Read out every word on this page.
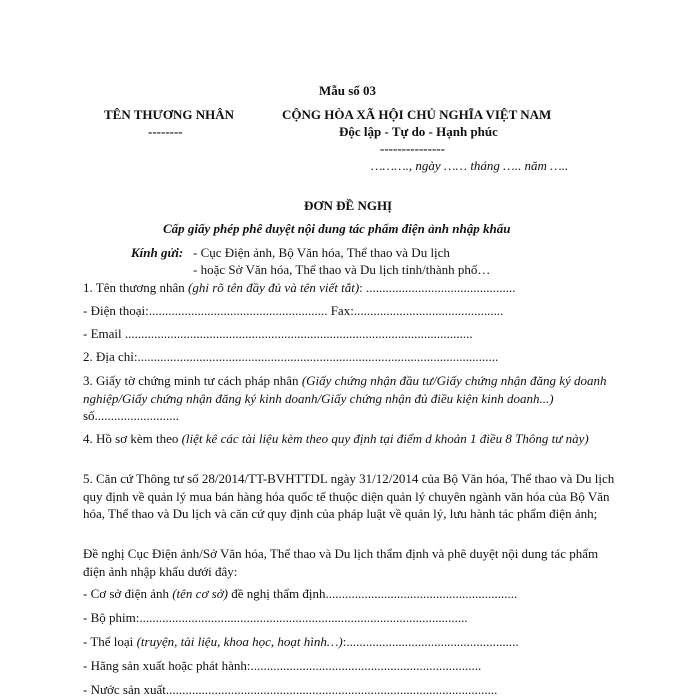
Mẫu số 03
TÊN THƯƠNG NHÂN
--------
CỘNG HÒA XÃ HỘI CHỦ NGHĨA VIỆT NAM
Độc lập - Tự do - Hạnh phúc
---------------
………., ngày …… tháng ….. năm …..
ĐƠN ĐỀ NGHỊ
Cấp giấy phép phê duyệt nội dung tác phẩm điện ảnh nhập khẩu
Kính gửi: - Cục Điện ảnh, Bộ Văn hóa, Thể thao và Du lịch
- hoặc Sở Văn hóa, Thể thao và Du lịch tỉnh/thành phố…
1. Tên thương nhân (ghi rõ tên đầy đủ và tên viết tắt): ..............................................
- Điện thoại:....................................................... Fax:..............................................
- Email ...........................................................................................................
2. Địa chỉ:...............................................................................................................
3. Giấy tờ chứng minh tư cách pháp nhân (Giấy chứng nhận đầu tư/Giấy chứng nhận đăng ký doanh nghiệp/Giấy chứng nhận đăng ký kinh doanh/Giấy chứng nhận đủ điều kiện kinh doanh...) số..........................
4. Hồ sơ kèm theo (liệt kê các tài liệu kèm theo quy định tại điểm d khoản 1 điều 8 Thông tư này)
5. Căn cứ Thông tư số 28/2014/TT-BVHTTDL ngày 31/12/2014 của Bộ Văn hóa, Thể thao và Du lịch quy định về quản lý mua bán hàng hóa quốc tế thuộc diện quản lý chuyên ngành văn hóa của Bộ Văn hóa, Thể thao và Du lịch và căn cứ quy định của pháp luật về quản lý, lưu hành tác phẩm điện ảnh;
Đề nghị Cục Điện ảnh/Sở Văn hóa, Thể thao và Du lịch thẩm định và phê duyệt nội dung tác phẩm điện ảnh nhập khẩu dưới đây:
- Cơ sở điện ảnh (tên cơ sở) đề nghị thẩm định...........................................................
- Bộ phim:.....................................................................................................
- Thể loại (truyện, tài liệu, khoa học, hoạt hình…):.....................................................
- Hãng sản xuất hoặc phát hành:.......................................................................
- Nước sản xuất......................................................................................................
